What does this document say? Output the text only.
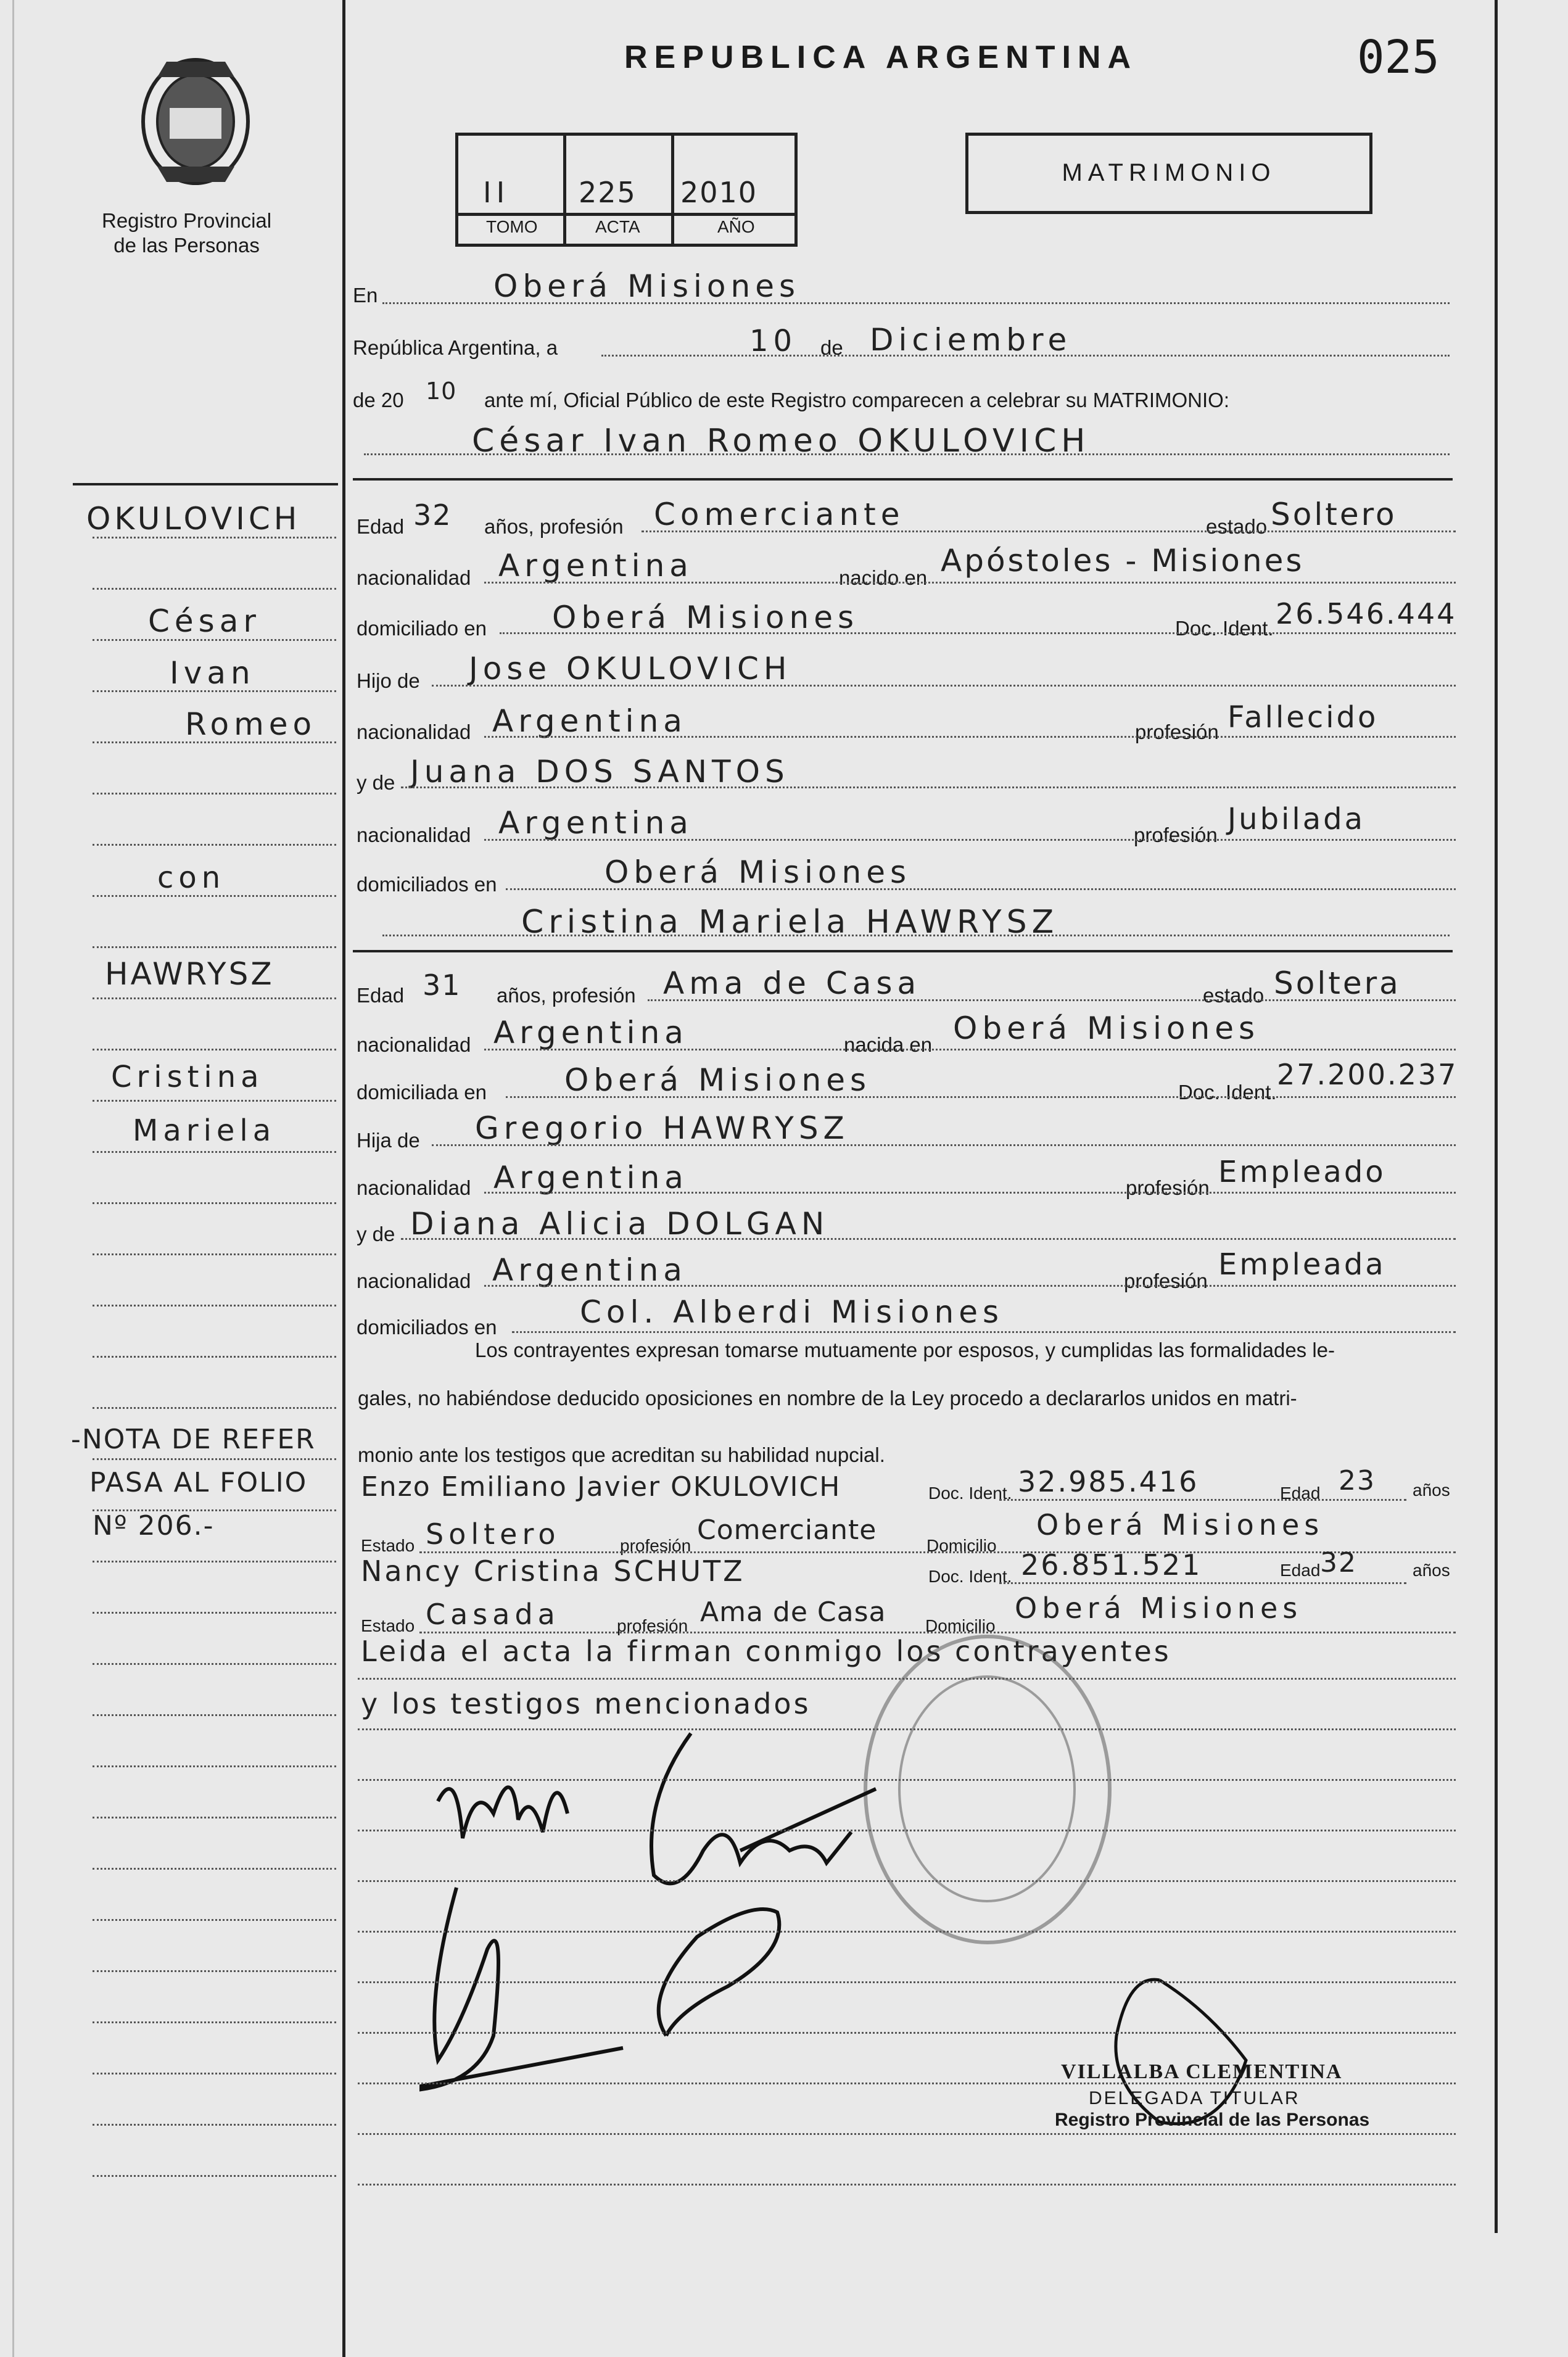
Registro Provincial
de las Personas
REPUBLICA ARGENTINA	025
II 225 2010
TOMO	ACTA	AÑO
MATRIMONIO
En	Oberá Misiones
República Argentina, a	10 de Diciembre
de 20 10 ante mí, Oficial Público de este Registro comparecen a celebrar su MATRIMONIO:
César Ivan Romeo OKULOVICH
Edad 32 años, profesión Comerciante	estado Soltero
nacionalidad Argentina	nacido en Apóstoles - Misiones
domiciliado en Oberá Misiones	Doc. Ident. 26.546.444
Hijo de Jose OKULOVICH
nacionalidad Argentina	profesión Fallecido
y de Juana DOS SANTOS
nacionalidad Argentina	profesión Jubilada
domiciliados en	Oberá Misiones
Cristina Mariela HAWRYSZ
Edad 31 años, profesión Ama de Casa	estado Soltera
nacionalidad Argentina	nacida en Oberá Misiones
domiciliada en	Oberá Misiones	Doc. Ident.
27.200.237
Hija de Gregorio HAWRYSZ
nacionalidad Argentina	profesión Empleado
y de Diana Alicia DOLGAN
nacionalidad Argentina	profesión Empleada
domiciliados en	Col. Alberdi Misiones
Los contrayentes expresan tomarse mutuamente por esposos, y cumplidas las formalidades le-
gales, no habiéndose deducido oposiciones en nombre de la Ley procedo a declararlos unidos en matri-
monio ante los testigos que acreditan su habilidad nupcial.
Enzo Emiliano Javier OKULOVICH	Doc. Ident. 32.985.416	Edad 23 años
Estado Soltero	profesión Comerciante	Domicilio
Oberá Misiones
Nancy Cristina SCHUTZ	Doc. Ident. 26.851.521	Edad 32	años
Estado Casada	profesión Ama de Casa Domicilio
Oberá Misiones
Leida el acta la firman conmigo los contrayentes
y los testigos mencionados
OKULOVICH
César
Ivan
Romeo
con
HAWRYSZ
Cristina
Mariela
-NOTA DE REFER
PASA AL FOLIO
Nº 206.-
VILLALBA CLEMENTINA
DELEGADA TITULAR
Registro Provincial de las Personas
